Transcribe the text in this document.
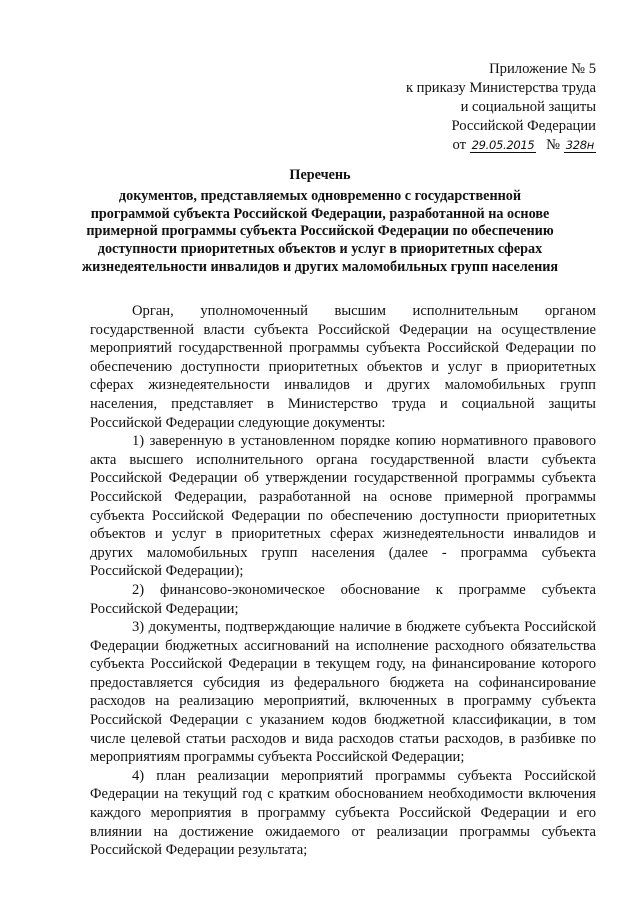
Приложение № 5
к приказу Министерства труда
и социальной защиты
Российской Федерации
от 29.05.2015 № 328н
Перечень
документов, представляемых одновременно с государственной
программой субъекта Российской Федерации, разработанной на основе
примерной программы субъекта Российской Федерации по обеспечению
доступности приоритетных объектов и услуг в приоритетных сферах
жизнедеятельности инвалидов и других маломобильных групп населения

Орган, уполномоченный высшим исполнительным органом государственной власти субъекта Российской Федерации на осуществление мероприятий государственной программы субъекта Российской Федерации по обеспечению доступности приоритетных объектов и услуг в приоритетных сферах жизнедеятельности инвалидов и других маломобильных групп населения, представляет в Министерство труда и социальной защиты Российской Федерации следующие документы:

1) заверенную в установленном порядке копию нормативного правового акта высшего исполнительного органа государственной власти субъекта Российской Федерации об утверждении государственной программы субъекта Российской Федерации, разработанной на основе примерной программы субъекта Российской Федерации по обеспечению доступности приоритетных объектов и услуг в приоритетных сферах жизнедеятельности инвалидов и других маломобильных групп населения (далее - программа субъекта Российской Федерации);

2) финансово-экономическое обоснование к программе субъекта Российской Федерации;

3) документы, подтверждающие наличие в бюджете субъекта Российской Федерации бюджетных ассигнований на исполнение расходного обязательства субъекта Российской Федерации в текущем году, на финансирование которого предоставляется субсидия из федерального бюджета на софинансирование расходов на реализацию мероприятий, включенных в программу субъекта Российской Федерации с указанием кодов бюджетной классификации, в том числе целевой статьи расходов и вида расходов статьи расходов, в разбивке по мероприятиям программы субъекта Российской Федерации;

4) план реализации мероприятий программы субъекта Российской Федерации на текущий год с кратким обоснованием необходимости включения каждого мероприятия в программу субъекта Российской Федерации и его влиянии на достижение ожидаемого от реализации программы субъекта Российской Федерации результата;
